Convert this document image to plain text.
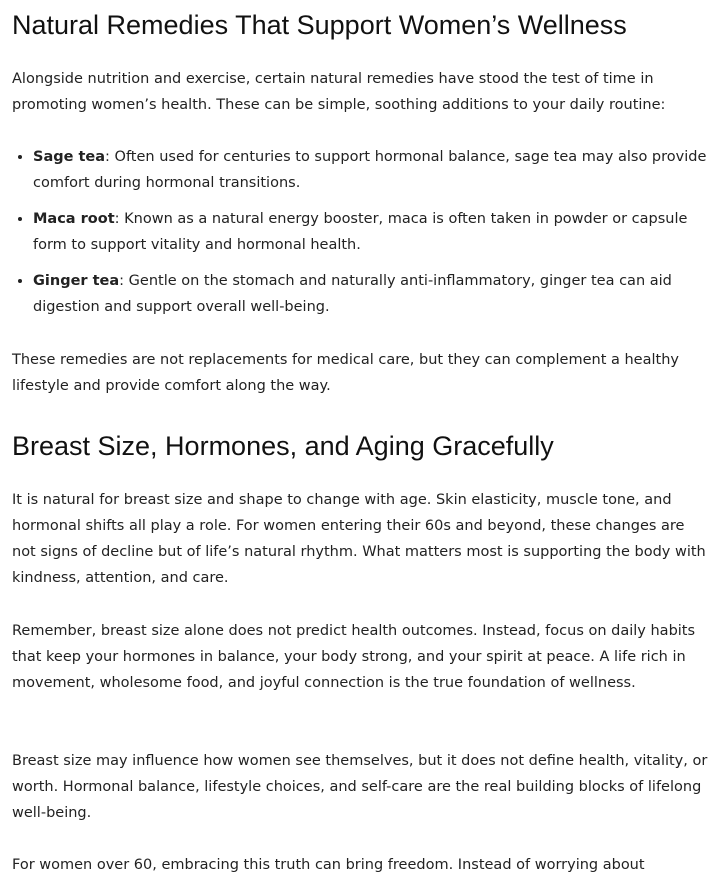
Natural Remedies That Support Women’s Wellness

Alongside nutrition and exercise, certain natural remedies have stood the test of time in promoting women’s health. These can be simple, soothing additions to your daily routine:

• Sage tea: Often used for centuries to support hormonal balance, sage tea may also provide comfort during hormonal transitions.
• Maca root: Known as a natural energy booster, maca is often taken in powder or capsule form to support vitality and hormonal health.
• Ginger tea: Gentle on the stomach and naturally anti-inflammatory, ginger tea can aid digestion and support overall well-being.

These remedies are not replacements for medical care, but they can complement a healthy lifestyle and provide comfort along the way.

Breast Size, Hormones, and Aging Gracefully

It is natural for breast size and shape to change with age. Skin elasticity, muscle tone, and hormonal shifts all play a role. For women entering their 60s and beyond, these changes are not signs of decline but of life’s natural rhythm. What matters most is supporting the body with kindness, attention, and care.

Remember, breast size alone does not predict health outcomes. Instead, focus on daily habits that keep your hormones in balance, your body strong, and your spirit at peace. A life rich in movement, wholesome food, and joyful connection is the true foundation of wellness.

Breast size may influence how women see themselves, but it does not define health, vitality, or worth. Hormonal balance, lifestyle choices, and self-care are the real building blocks of lifelong well-being.

For women over 60, embracing this truth can bring freedom. Instead of worrying about
